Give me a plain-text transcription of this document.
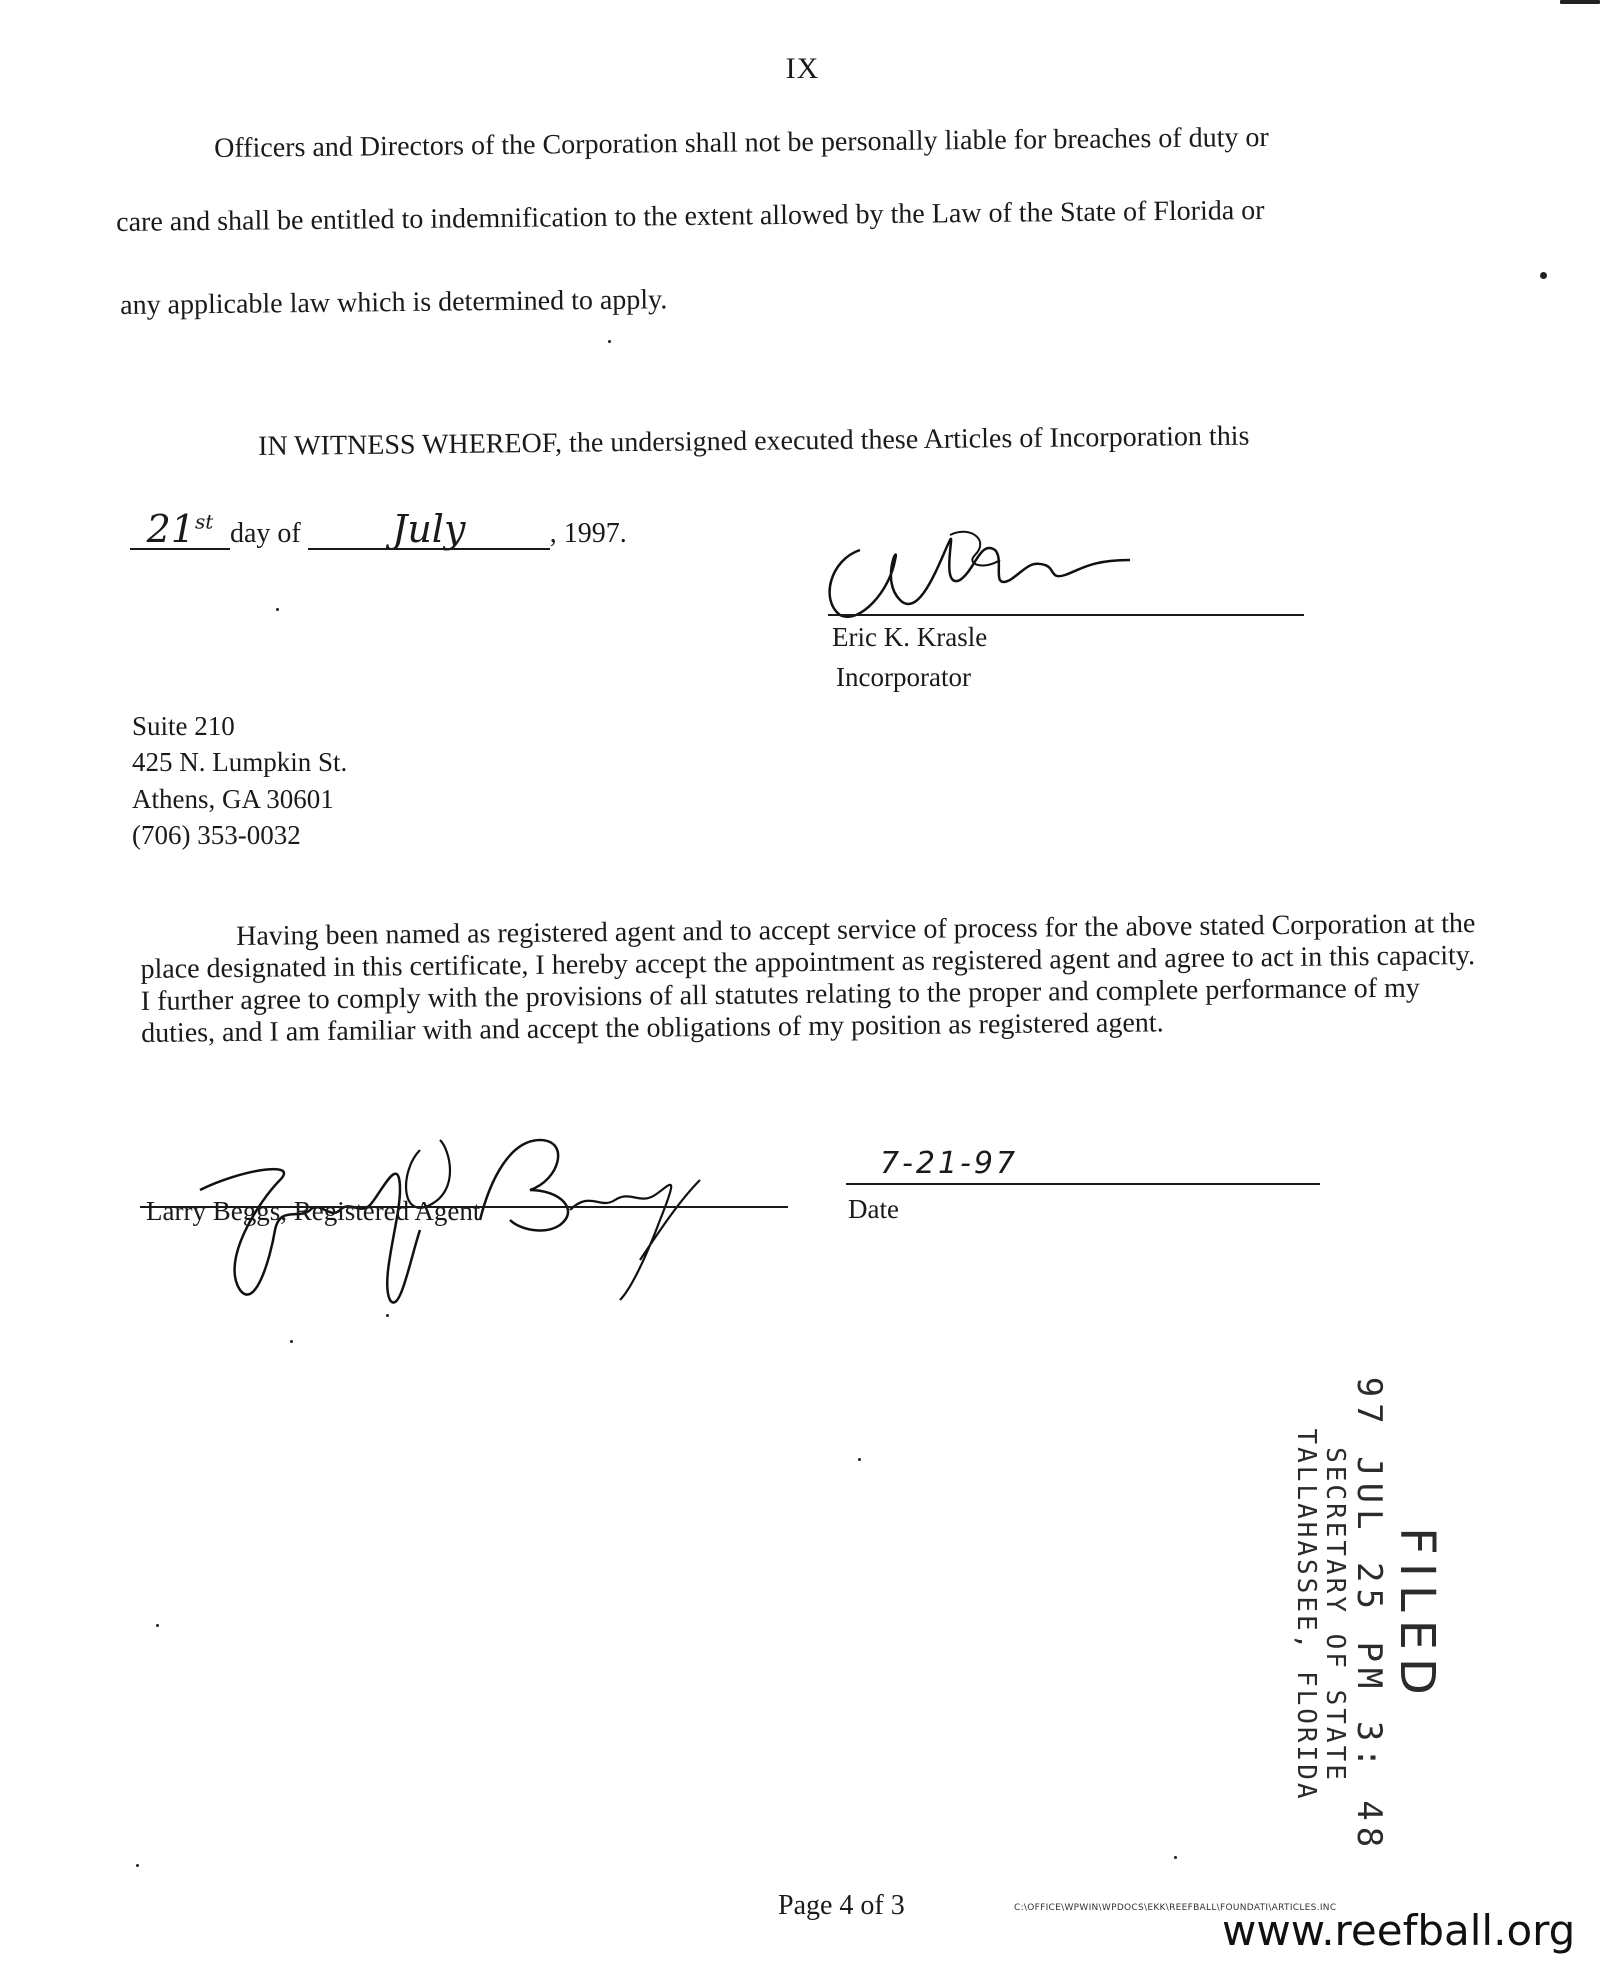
IX
Officers and Directors of the Corporation shall not be personally liable for breaches of duty or
care and shall be entitled to indemnification to the extent allowed by the Law of the State of Florida or
any applicable law which is determined to apply.
IN WITNESS WHEREOF, the undersigned executed these Articles of Incorporation this
21st day of July	, 1997.
Eric K. Krasle
Incorporator
Suite 210
425 N. Lumpkin St.
Athens, GA 30601
(706) 353-0032
Having been named as registered agent and to accept service of process for the above stated Corporation at the place designated in this certificate, I hereby accept the appointment as registered agent and agree to act in this capacity. I further agree to comply with the provisions of all statutes relating to the proper and complete performance of my duties, and I am familiar with and accept the obligations of my position as registered agent.
Larry Beggs, Registered Agent
7-21-97
Date
FILED
97 JUL 25 PM 3: 48
SECRETARY OF STATE
TALLAHASSEE, FLORIDA
Page 4 of 3	C:\OFFICE\WPWIN\WPDOCS\EKK\REEFBALL\FOUNDATI\ARTICLES.INC
www.reefball.org
